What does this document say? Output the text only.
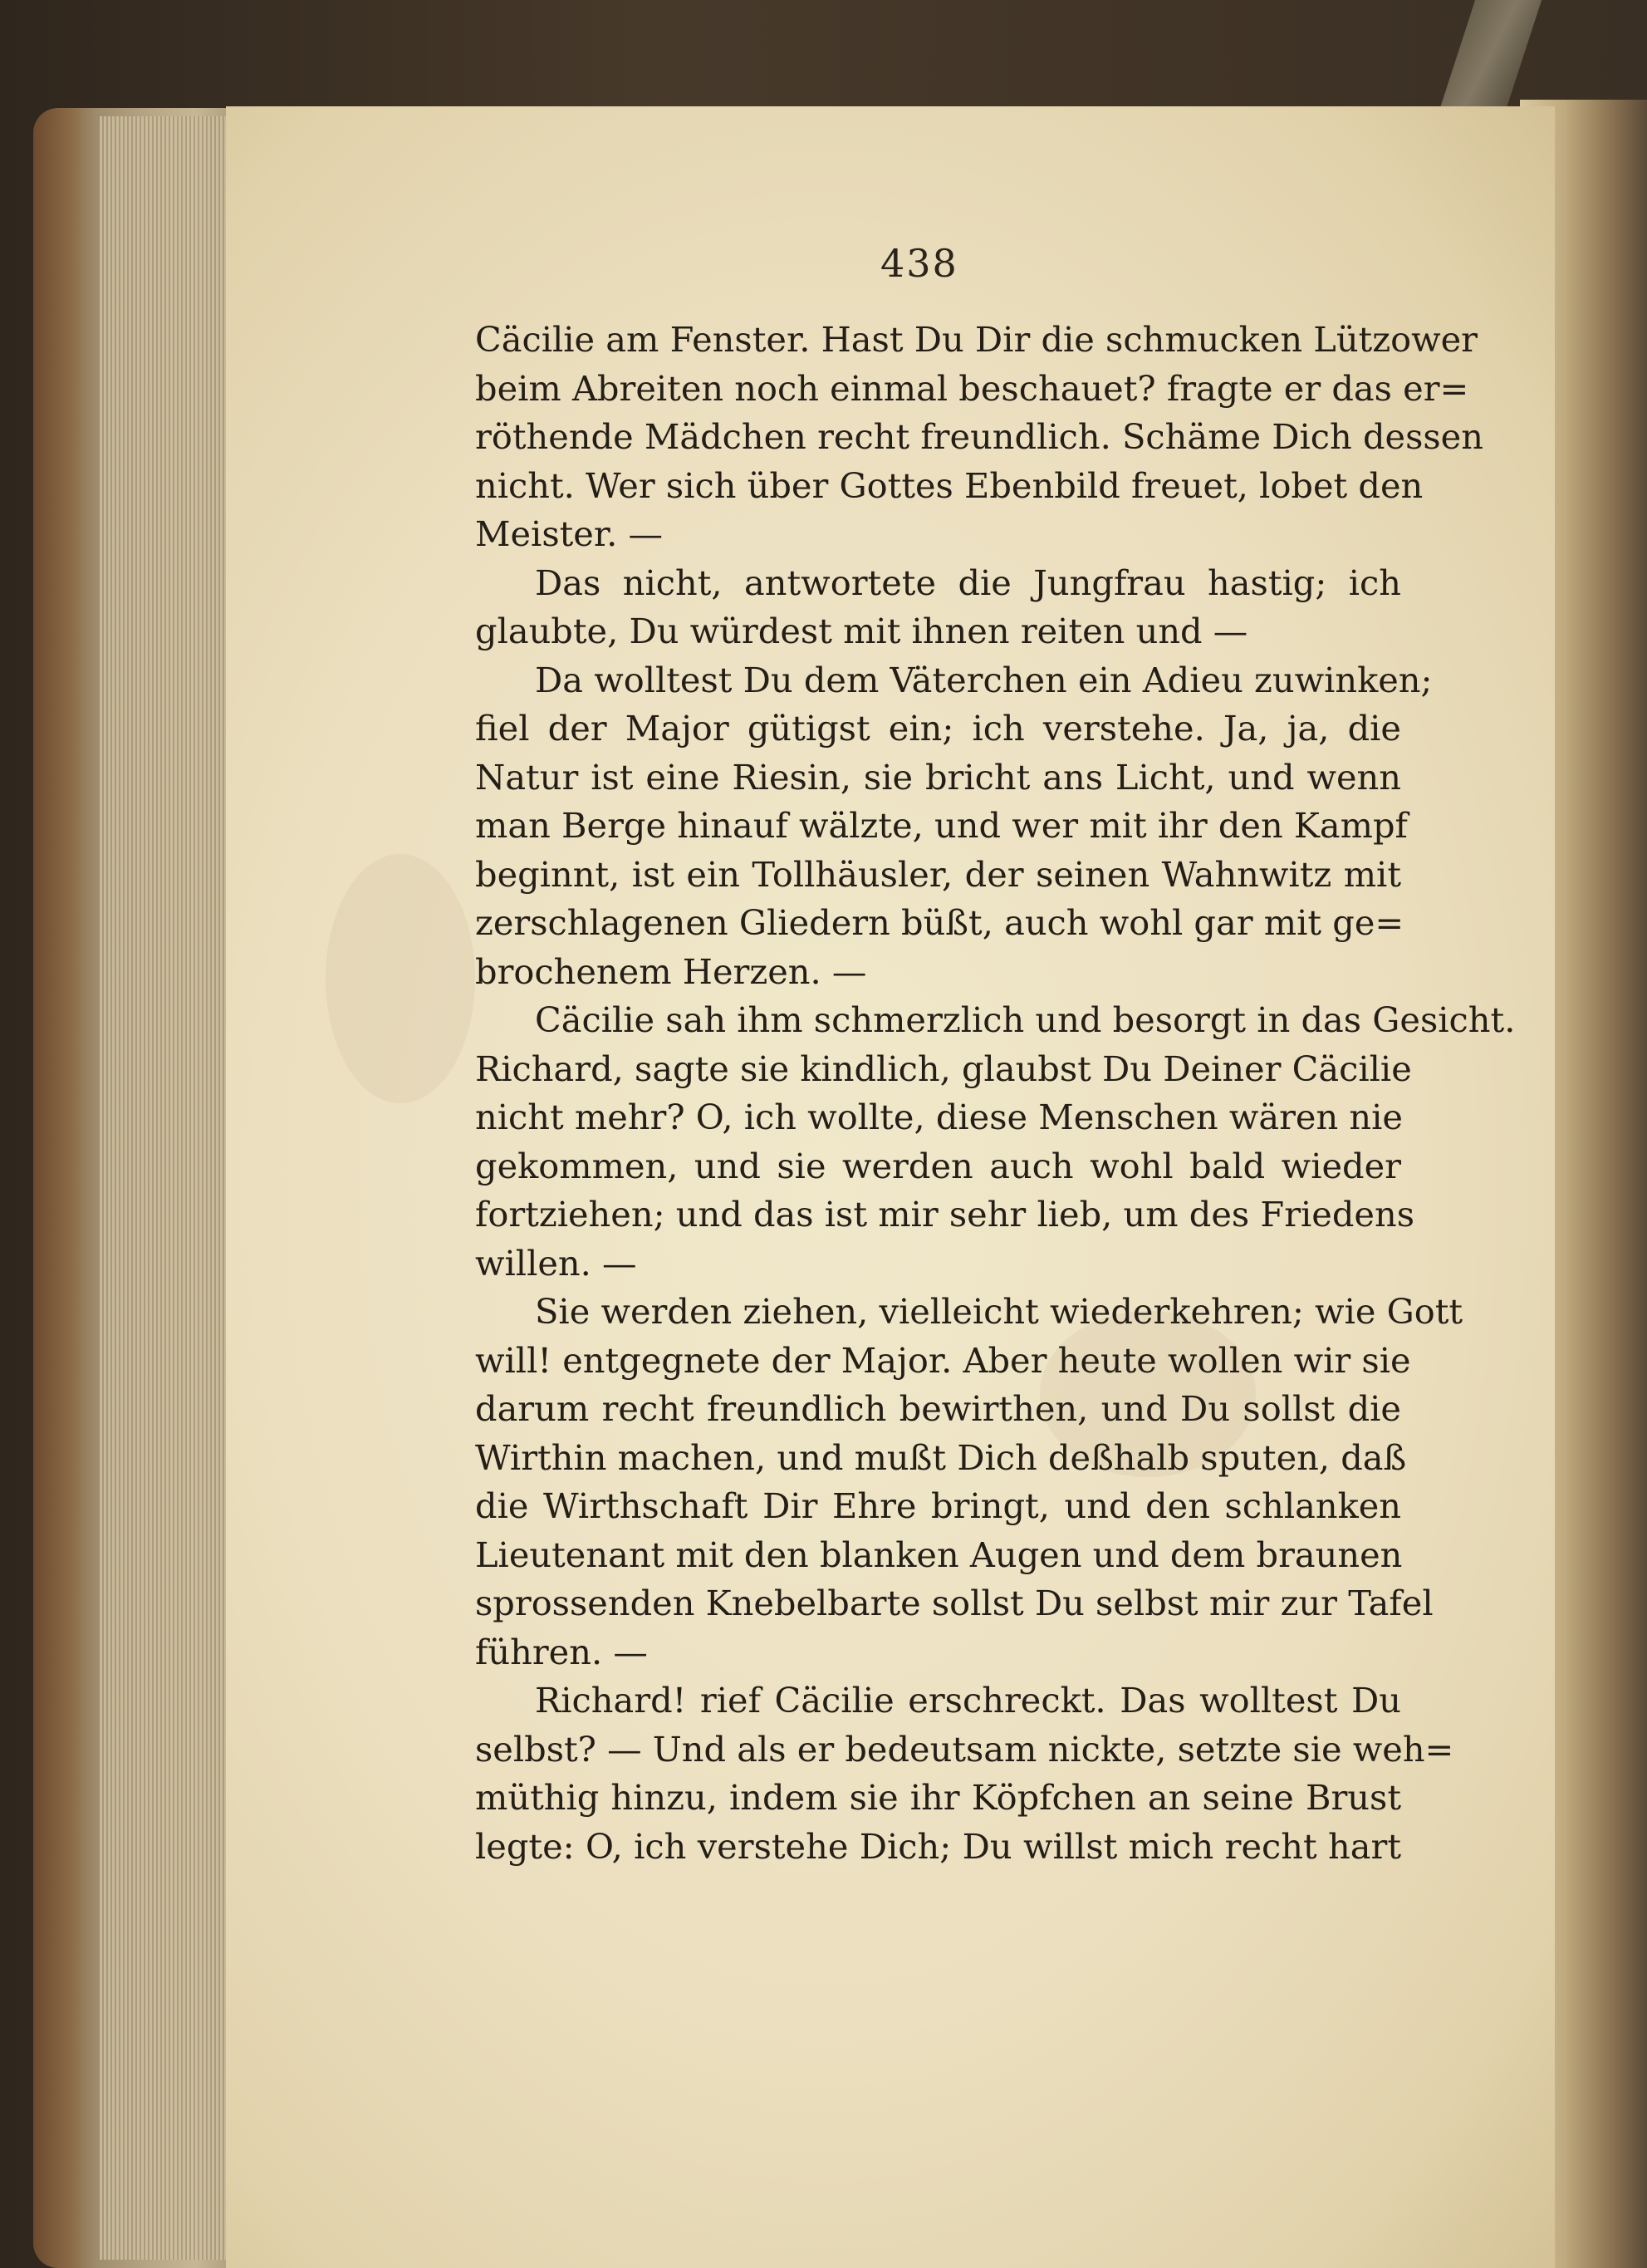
438
Cäcilie am Fenster. Hast Du Dir die schmucken Lützower
beim Abreiten noch einmal beschauet? fragte er das er=
röthende Mädchen recht freundlich. Schäme Dich dessen
nicht. Wer sich über Gottes Ebenbild freuet, lobet den
Meister. —
Das nicht, antwortete die Jungfrau hastig; ich
glaubte, Du würdest mit ihnen reiten und —
Da wolltest Du dem Väterchen ein Adieu zuwinken;
fiel der Major gütigst ein; ich verstehe. Ja, ja, die
Natur ist eine Riesin, sie bricht ans Licht, und wenn
man Berge hinauf wälzte, und wer mit ihr den Kampf
beginnt, ist ein Tollhäusler, der seinen Wahnwitz mit
zerschlagenen Gliedern büßt, auch wohl gar mit ge=
brochenem Herzen. —
Cäcilie sah ihm schmerzlich und besorgt in das Gesicht.
Richard, sagte sie kindlich, glaubst Du Deiner Cäcilie
nicht mehr? O, ich wollte, diese Menschen wären nie
gekommen, und sie werden auch wohl bald wieder
fortziehen; und das ist mir sehr lieb, um des Friedens
willen. —
Sie werden ziehen, vielleicht wiederkehren; wie Gott
will! entgegnete der Major. Aber heute wollen wir sie
darum recht freundlich bewirthen, und Du sollst die
Wirthin machen, und mußt Dich deßhalb sputen, daß
die Wirthschaft Dir Ehre bringt, und den schlanken
Lieutenant mit den blanken Augen und dem braunen
sprossenden Knebelbarte sollst Du selbst mir zur Tafel
führen. —
Richard! rief Cäcilie erschreckt. Das wolltest Du
selbst? — Und als er bedeutsam nickte, setzte sie weh=
müthig hinzu, indem sie ihr Köpfchen an seine Brust
legte: O, ich verstehe Dich; Du willst mich recht hart
